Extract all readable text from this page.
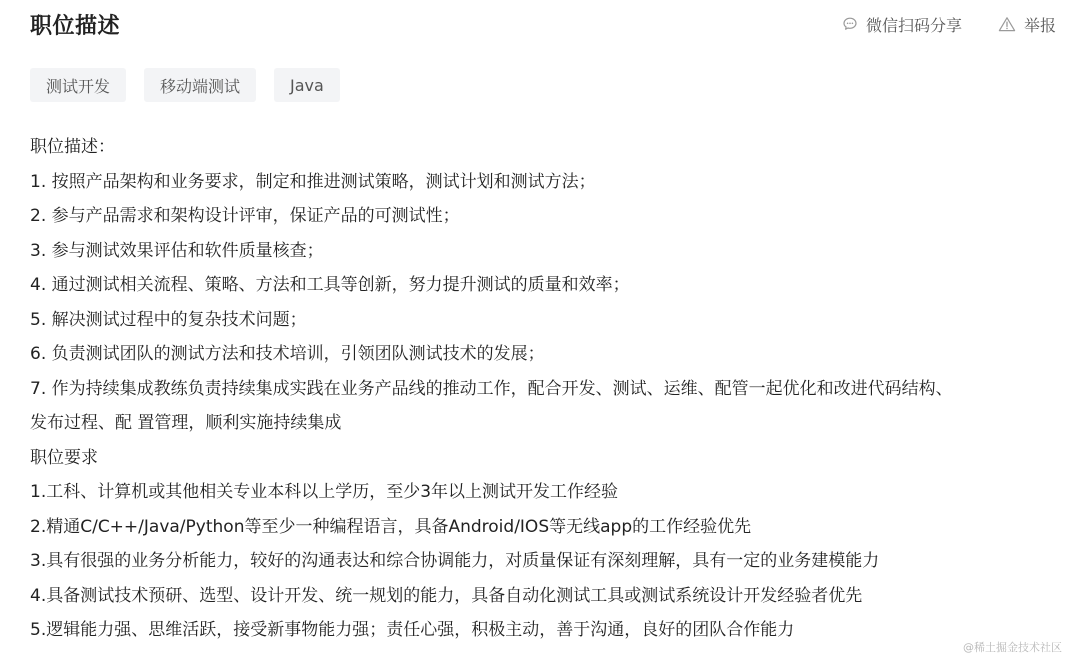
职位描述	微信扫码分享	举报
测试开发	移动端测试	Java
职位描述：
1. 按照产品架构和业务要求，制定和推进测试策略，测试计划和测试方法；
2. 参与产品需求和架构设计评审，保证产品的可测试性；
3. 参与测试效果评估和软件质量核查；
4. 通过测试相关流程、策略、方法和工具等创新，努力提升测试的质量和效率；
5. 解决测试过程中的复杂技术问题；
6. 负责测试团队的测试方法和技术培训，引领团队测试技术的发展；
7. 作为持续集成教练负责持续集成实践在业务产品线的推动工作，配合开发、测试、运维、配管一起优化和改进代码结构、
发布过程、配 置管理，顺利实施持续集成
职位要求
1.工科、计算机或其他相关专业本科以上学历，至少3年以上测试开发工作经验
2.精通C/C++/Java/Python等至少一种编程语言，具备Android/IOS等无线app的工作经验优先
3.具有很强的业务分析能力，较好的沟通表达和综合协调能力，对质量保证有深刻理解，具有一定的业务建模能力
4.具备测试技术预研、选型、设计开发、统一规划的能力，具备自动化测试工具或测试系统设计开发经验者优先
5.逻辑能力强、思维活跃，接受新事物能力强；责任心强，积极主动，善于沟通，良好的团队合作能力
@稀土掘金技术社区
